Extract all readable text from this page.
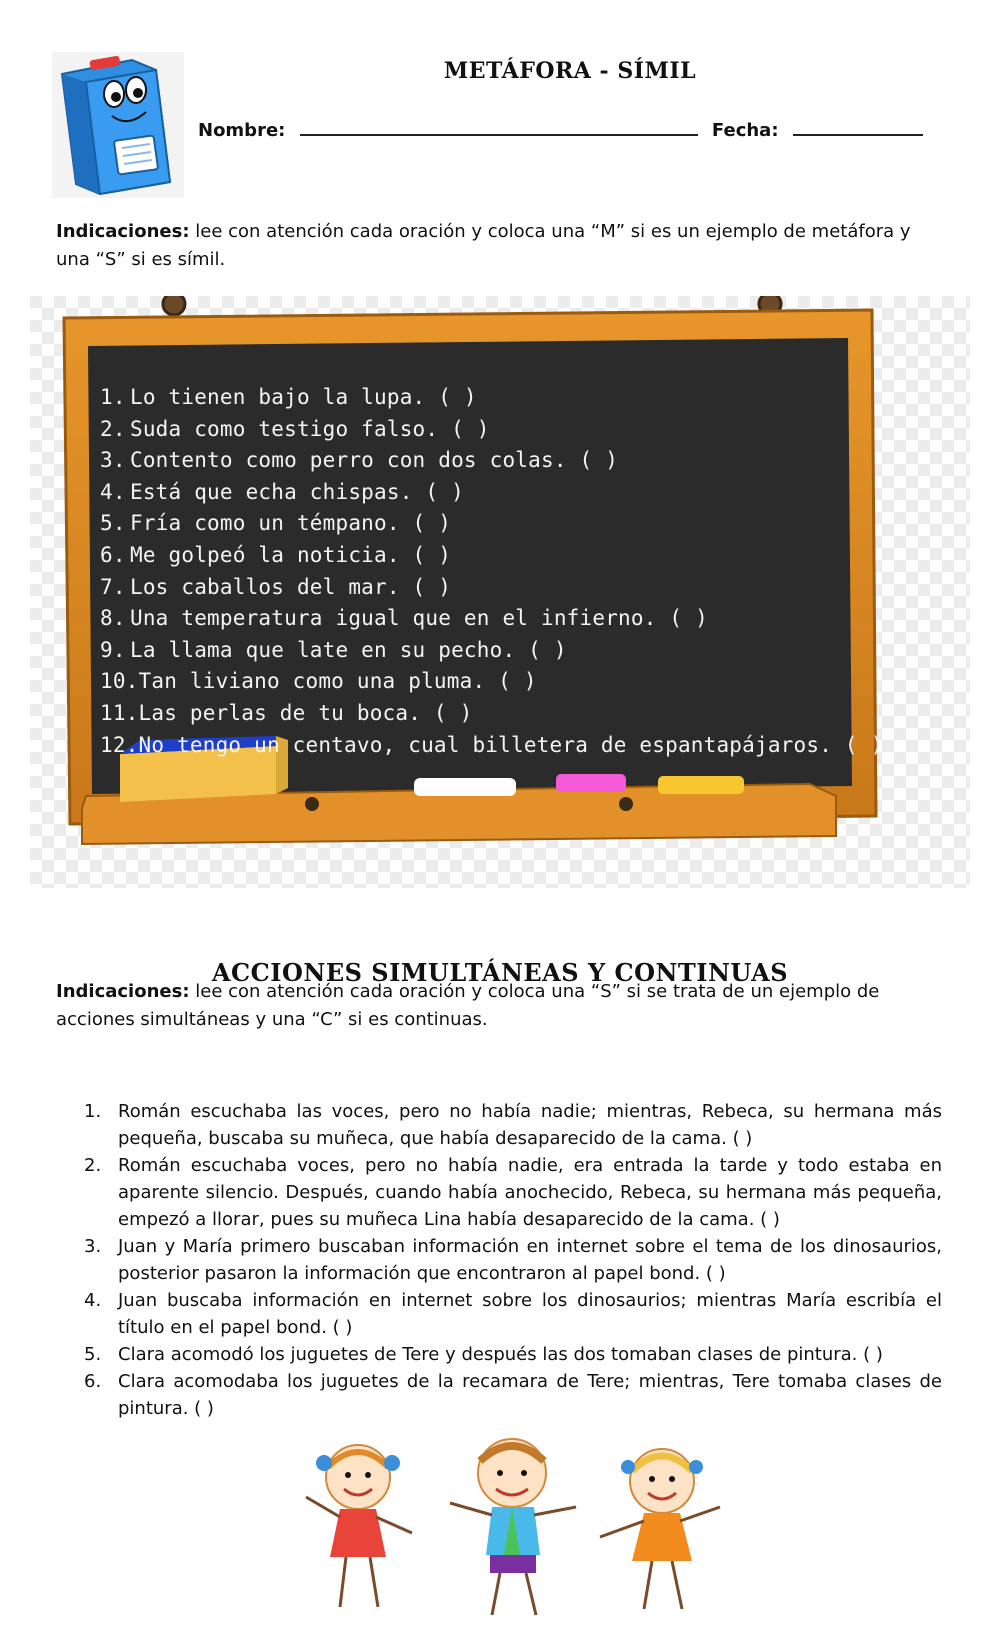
METÁFORA - SÍMIL
Nombre:	Fecha:
Indicaciones: lee con atención cada oración y coloca una “M” si es un ejemplo de metáfora y una “S” si es símil.
1. Lo tienen bajo la lupa. ( )
2. Suda como testigo falso. ( )
3. Contento como perro con dos colas. ( )
4. Está que echa chispas. ( )
5. Fría como un témpano. ( )
6. Me golpeó la noticia. ( )
7. Los caballos del mar. ( )
8. Una temperatura igual que en el infierno. ( )
9. La llama que late en su pecho. ( )
10.Tan liviano como una pluma. ( )
11.Las perlas de tu boca. ( )
12.No tengo un centavo, cual billetera de espantapájaros. ( )
ACCIONES SIMULTÁNEAS Y CONTINUAS
Indicaciones: lee con atención cada oración y coloca una “S” si se trata de un ejemplo de acciones simultáneas y una “C” si es continuas.
1. Román escuchaba las voces, pero no había nadie; mientras, Rebeca, su hermana más pequeña, buscaba su muñeca, que había desaparecido de la cama. ( )
2. Román escuchaba voces, pero no había nadie, era entrada la tarde y todo estaba en aparente silencio. Después, cuando había anochecido, Rebeca, su hermana más pequeña, empezó a llorar, pues su muñeca Lina había desaparecido de la cama. ( )
3. Juan y María primero buscaban información en internet sobre el tema de los dinosaurios, posterior pasaron la información que encontraron al papel bond. ( )
4. Juan buscaba información en internet sobre los dinosaurios; mientras María escribía el título en el papel bond. ( )
5. Clara acomodó los juguetes de Tere y después las dos tomaban clases de pintura. ( )
6. Clara acomodaba los juguetes de la recamara de Tere; mientras, Tere tomaba clases de pintura. ( )
